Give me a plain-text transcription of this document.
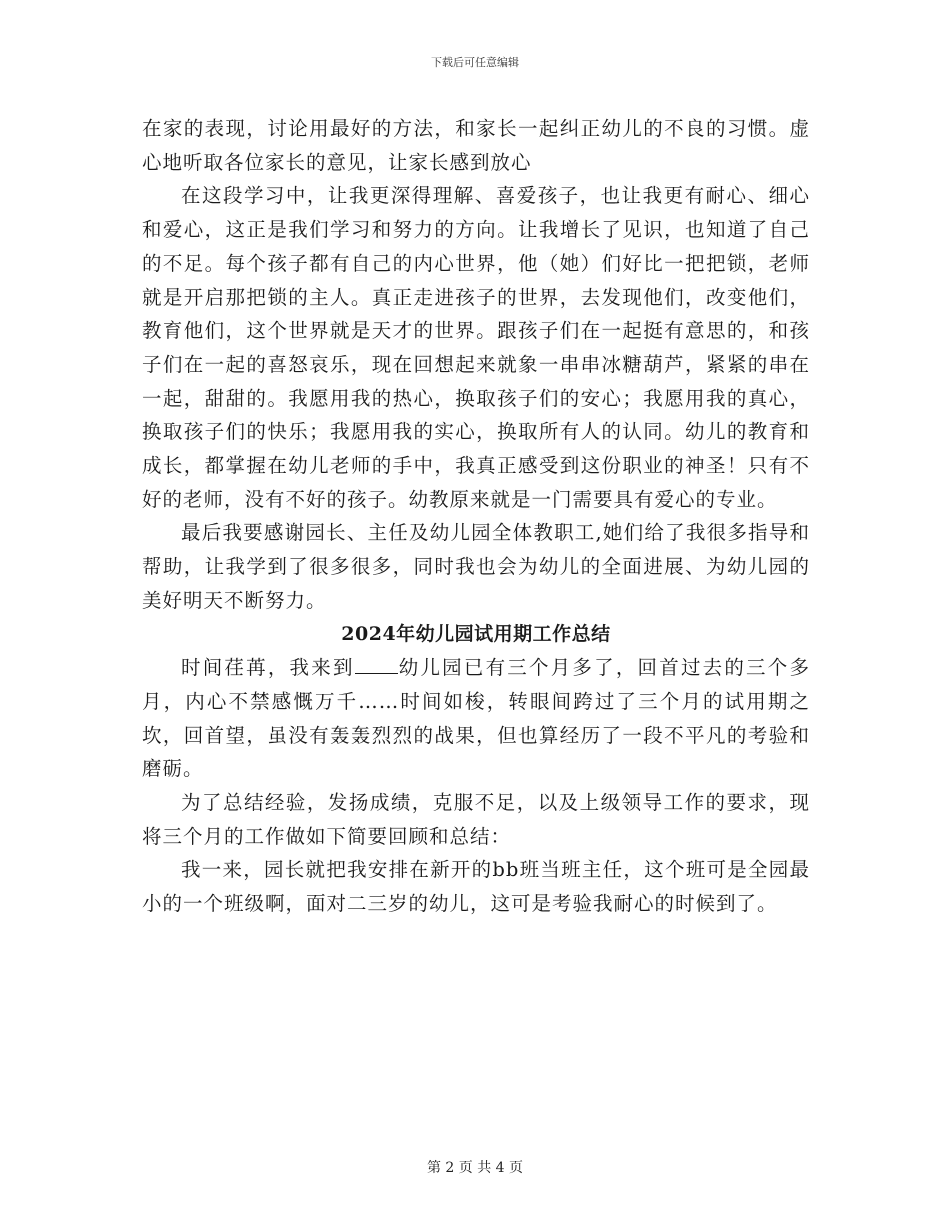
下载后可任意编辑

在家的表现，讨论用最好的方法，和家长一起纠正幼儿的不良的习惯。虚心地听取各位家长的意见，让家长感到放心

在这段学习中，让我更深得理解、喜爱孩子，也让我更有耐心、细心和爱心，这正是我们学习和努力的方向。让我增长了见识，也知道了自己的不足。每个孩子都有自己的内心世界，他（她）们好比一把把锁，老师就是开启那把锁的主人。真正走进孩子的世界，去发现他们，改变他们，教育他们，这个世界就是天才的世界。跟孩子们在一起挺有意思的，和孩子们在一起的喜怒哀乐，现在回想起来就象一串串冰糖葫芦，紧紧的串在一起，甜甜的。我愿用我的热心，换取孩子们的安心；我愿用我的真心，换取孩子们的快乐；我愿用我的实心，换取所有人的认同。幼儿的教育和成长，都掌握在幼儿老师的手中，我真正感受到这份职业的神圣！只有不好的老师，没有不好的孩子。幼教原来就是一门需要具有爱心的专业。

最后我要感谢园长、主任及幼儿园全体教职工,她们给了我很多指导和帮助，让我学到了很多很多，同时我也会为幼儿的全面进展、为幼儿园的美好明天不断努力。

2024年幼儿园试用期工作总结

时间荏苒，我来到 幼儿园已有三个月多了，回首过去的三个多月，内心不禁感慨万千……时间如梭，转眼间跨过了三个月的试用期之坎，回首望，虽没有轰轰烈烈的战果，但也算经历了一段不平凡的考验和磨砺。

为了总结经验，发扬成绩，克服不足，以及上级领导工作的要求，现将三个月的工作做如下简要回顾和总结：

我一来，园长就把我安排在新开的bb班当班主任，这个班可是全园最小的一个班级啊，面对二三岁的幼儿，这可是考验我耐心的时候到了。

第 2 页 共 4 页
